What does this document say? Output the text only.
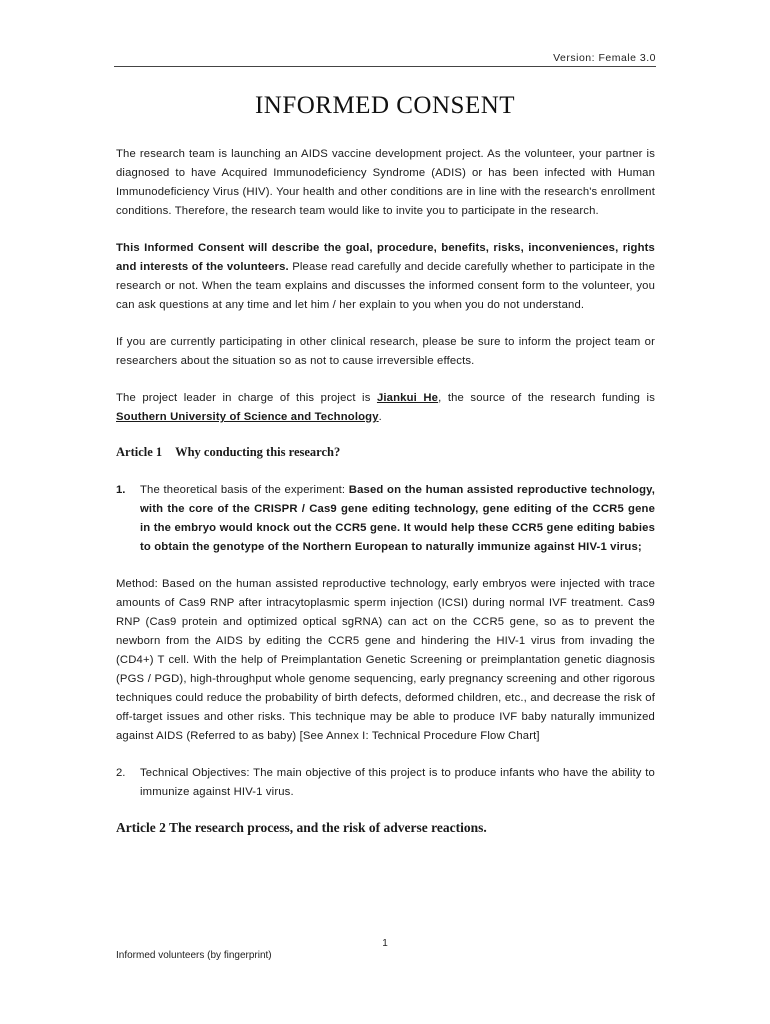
Version: Female 3.0
INFORMED CONSENT

The research team is launching an AIDS vaccine development project. As the volunteer, your partner is diagnosed to have Acquired Immunodeficiency Syndrome (ADIS) or has been infected with Human Immunodeficiency Virus (HIV). Your health and other conditions are in line with the research's enrollment conditions. Therefore, the research team would like to invite you to participate in the research.

This Informed Consent will describe the goal, procedure, benefits, risks, inconveniences, rights and interests of the volunteers. Please read carefully and decide carefully whether to participate in the research or not. When the team explains and discusses the informed consent form to the volunteer, you can ask questions at any time and let him / her explain to you when you do not understand.

If you are currently participating in other clinical research, please be sure to inform the project team or researchers about the situation so as not to cause irreversible effects.

The project leader in charge of this project is Jiankui He, the source of the research funding is Southern University of Science and Technology.

Article 1 Why conducting this research?
1.	The theoretical basis of the experiment: Based on the human assisted reproductive technology, with the core of the CRISPR / Cas9 gene editing technology, gene editing of the CCR5 gene in the embryo would knock out the CCR5 gene. It would help these CCR5 gene editing babies to obtain the genotype of the Northern European to naturally immunize against HIV-1 virus;

Method: Based on the human assisted reproductive technology, early embryos were injected with trace amounts of Cas9 RNP after intracytoplasmic sperm injection (ICSI) during normal IVF treatment. Cas9 RNP (Cas9 protein and optimized optical sgRNA) can act on the CCR5 gene, so as to prevent the newborn from the AIDS by editing the CCR5 gene and hindering the HIV-1 virus from invading the (CD4+) T cell. With the help of Preimplantation Genetic Screening or preimplantation genetic diagnosis (PGS / PGD), high-throughput whole genome sequencing, early pregnancy screening and other rigorous techniques could reduce the probability of birth defects, deformed children, etc., and decrease the risk of off-target issues and other risks. This technique may be able to produce IVF baby naturally immunized against AIDS (Referred to as baby) [See Annex I: Technical Procedure Flow Chart]

2.	Technical Objectives: The main objective of this project is to produce infants who have the ability to immunize against HIV-1 virus.
Article 2 The research process, and the risk of adverse reactions.
1
Informed volunteers (by fingerprint)
